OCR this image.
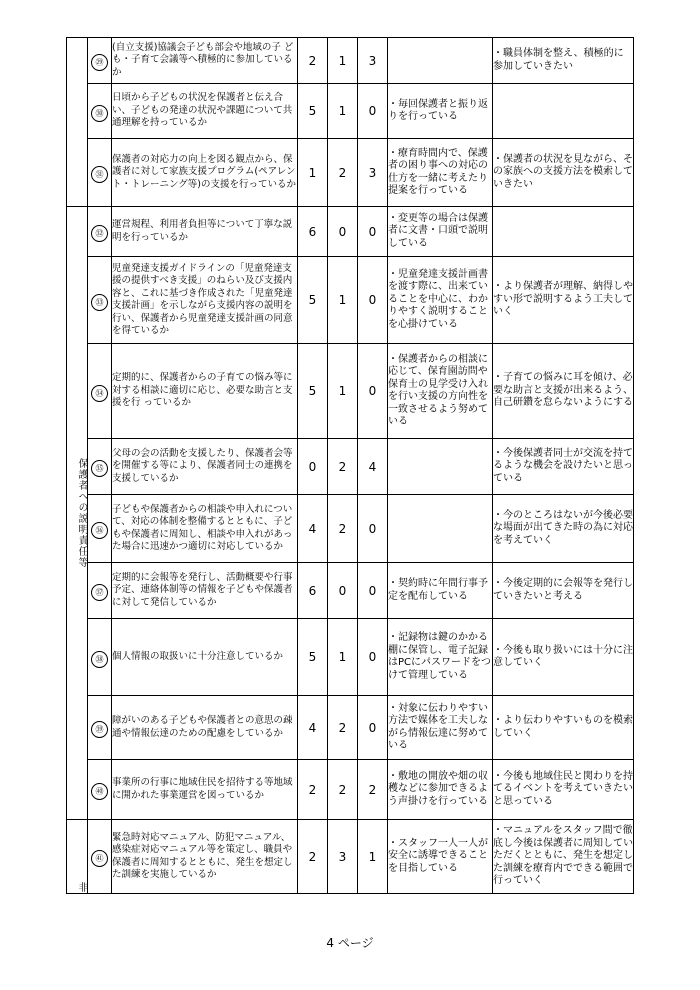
	㉙	(自立支援)協議会子ども部会や地域の子 ども・子育て会議等へ積極的に参加しているか	2	1	3		・職員体制を整え、積極的に参加していきたい
	㉚	日頃から子どもの状況を保護者と伝え合い、子どもの発達の状況や課題について共通理解を持っているか	5	1	0	・毎回保護者と振り返りを行っている	
	㉛	保護者の対応力の向上を図る観点から、保護者に対して家族支援プログラム(ペアレント・トレーニング等)の支援を行っているか	1	2	3	・療育時間内で、保護者の困り事への対応の仕方を一緒に考えたり提案を行っている	・保護者の状況を見ながら、その家族への支援方法を模索していきたい

保護者への説明責任等	㉜	運営規程、利用者負担等について丁寧な説明を行っているか	6	0	0	・変更等の場合は保護者に文書・口頭で説明している	
	㉝	児童発達支援ガイドラインの「児童発達支援の提供すべき支援」のねらい及び支援内容と、これに基づき作成された「児童発達支援計画」を示しながら支援内容の説明を行い、保護者から児童発達支援計画の同意を得ているか	5	1	0	・児童発達支援計画書を渡す際に、出来ていることを中心に、わかりやすく説明することを心掛けている	・より保護者が理解、納得しやすい形で説明するよう工夫していく
	㉞	定期的に、保護者からの子育ての悩み等に対する相談に適切に応じ、必要な助言と支援を行 っているか	5	1	0	・保護者からの相談に応じて、保育園訪問や保育士の見学受け入れを行い支援の方向性を一致させるよう努めている	・子育ての悩みに耳を傾け、必要な助言と支援が出来るよう、自己研鑽を怠らないようにする
	㉟	父母の会の活動を支援したり、保護者会等を開催する等により、保護者同士の連携を支援しているか	0	2	4		・今後保護者同士が交流を持てるような機会を設けたいと思っている
	㊱	子どもや保護者からの相談や申入れについて、対応の体制を整備するとともに、子どもや保護者に周知し、相談や申入れがあった場合に迅速かつ適切に対応しているか	4	2	0		・今のところはないが今後必要な場面が出てきた時の為に対応を考えていく
	㊲	定期的に会報等を発行し、活動概要や行事予定、連絡体制等の情報を子どもや保護者に対して発信しているか	6	0	0	・契約時に年間行事予定を配布している	・今後定期的に会報等を発行していきたいと考える
	㊳	個人情報の取扱いに十分注意しているか	5	1	0	・記録物は鍵のかかる棚に保管し、電子記録はPCにパスワードをつけて管理している	・今後も取り扱いには十分に注意していく
	㊴	障がいのある子どもや保護者との意思の疎通や情報伝達のための配慮をしているか	4	2	0	・対象に伝わりやすい方法で媒体を工夫しながら情報伝達に努めている	・より伝わりやすいものを模索していく
	㊵	事業所の行事に地域住民を招待する等地域に開かれた事業運営を図っているか	2	2	2	・敷地の開放や畑の収穫などに参加できるよう声掛けを行っている	・今後も地域住民と関わりを持てるイベントを考えていきたいと思っている

非	㊶	緊急時対応マニュアル、防犯マニュアル、感染症対応マニュアル等を策定し、職員や保護者に周知するとともに、発生を想定した訓練を実施しているか	2	3	1	・スタッフ一人一人が安全に誘導できることを目指している	・マニュアルをスタッフ間で徹底し今後は保護者に周知していただくとともに、発生を想定した訓練を療育内でできる範囲で行っていく
4 ページ
